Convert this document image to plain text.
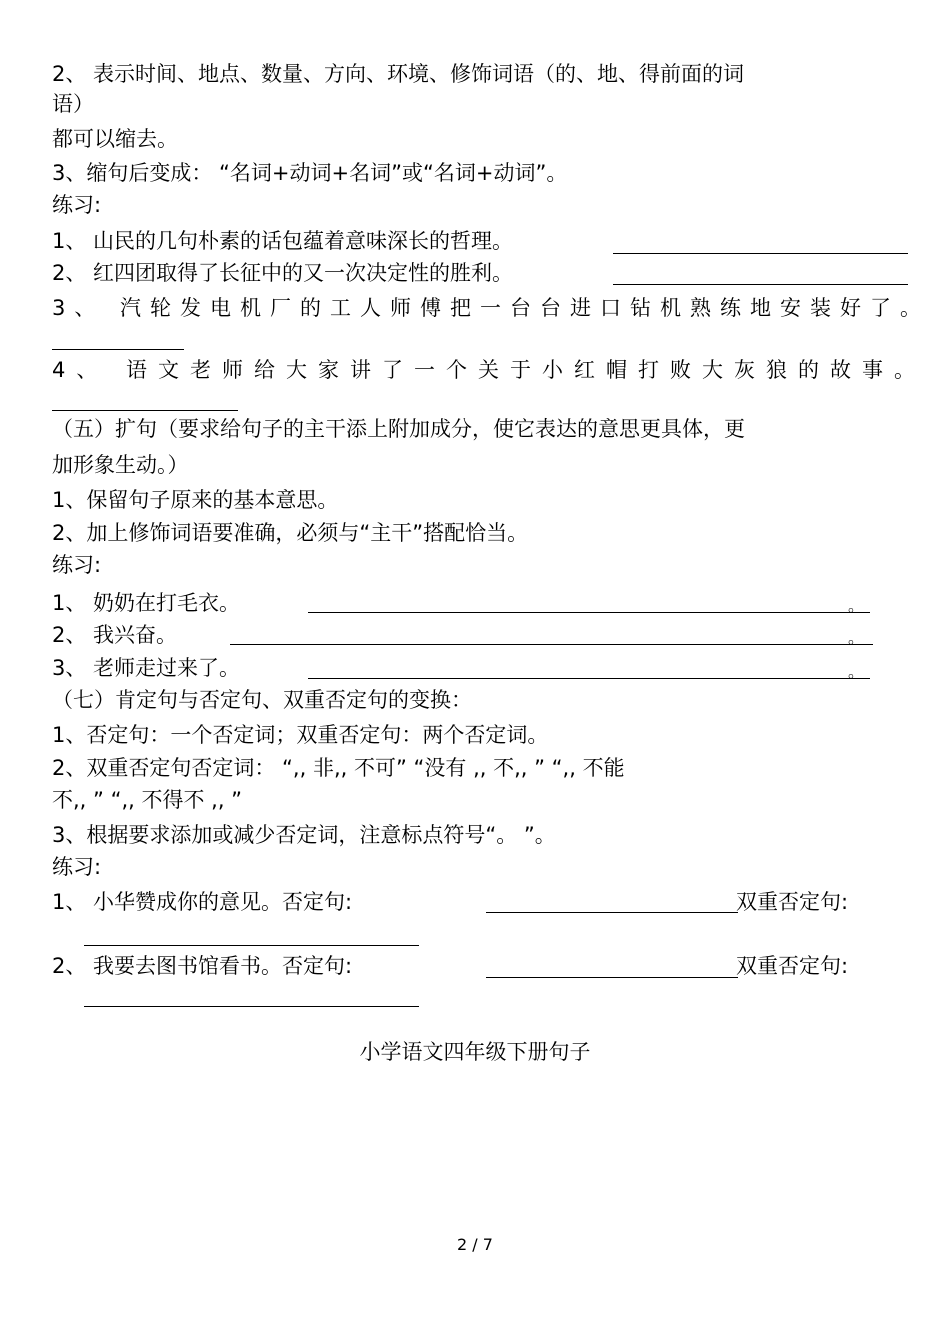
2、 表示时间、地点、数量、方向、环境、修饰词语（的、地、得前面的词
语）
都可以缩去。
3、缩句后变成： “名词+动词+名词”或“名词+动词”。
练习:
1、 山民的几句朴素的话包蕴着意味深长的哲理。
2、 红四团取得了长征中的又一次决定性的胜利。
3、 汽轮发电机厂的工人师傅把一台台进口钻机熟练地安装好了。
4、 语文老师给大家讲了一个关于小红帽打败大灰狼的故事。
（五）扩句（要求给句子的主干添上附加成分，使它表达的意思更具体，更
加形象生动。）
1、保留句子原来的基本意思。
2、加上修饰词语要准确，必须与“主干”搭配恰当。
练习:
1、 奶奶在打毛衣。	。
2、 我兴奋。	。
3、 老师走过来了。	。
（七）肯定句与否定句、双重否定句的变换：
1、否定句：一个否定词；双重否定句：两个否定词。
2、双重否定句否定词： “,, 非,, 不可” “没有 ,, 不,, ” “,, 不能
不,, ” “,, 不得不 ,, ”
3、根据要求添加或减少否定词，注意标点符号“。 ”。
练习:
1、 小华赞成你的意见。否定句:	双重否定句:
2、 我要去图书馆看书。否定句:	双重否定句:
小学语文四年级下册句子
2 / 7
